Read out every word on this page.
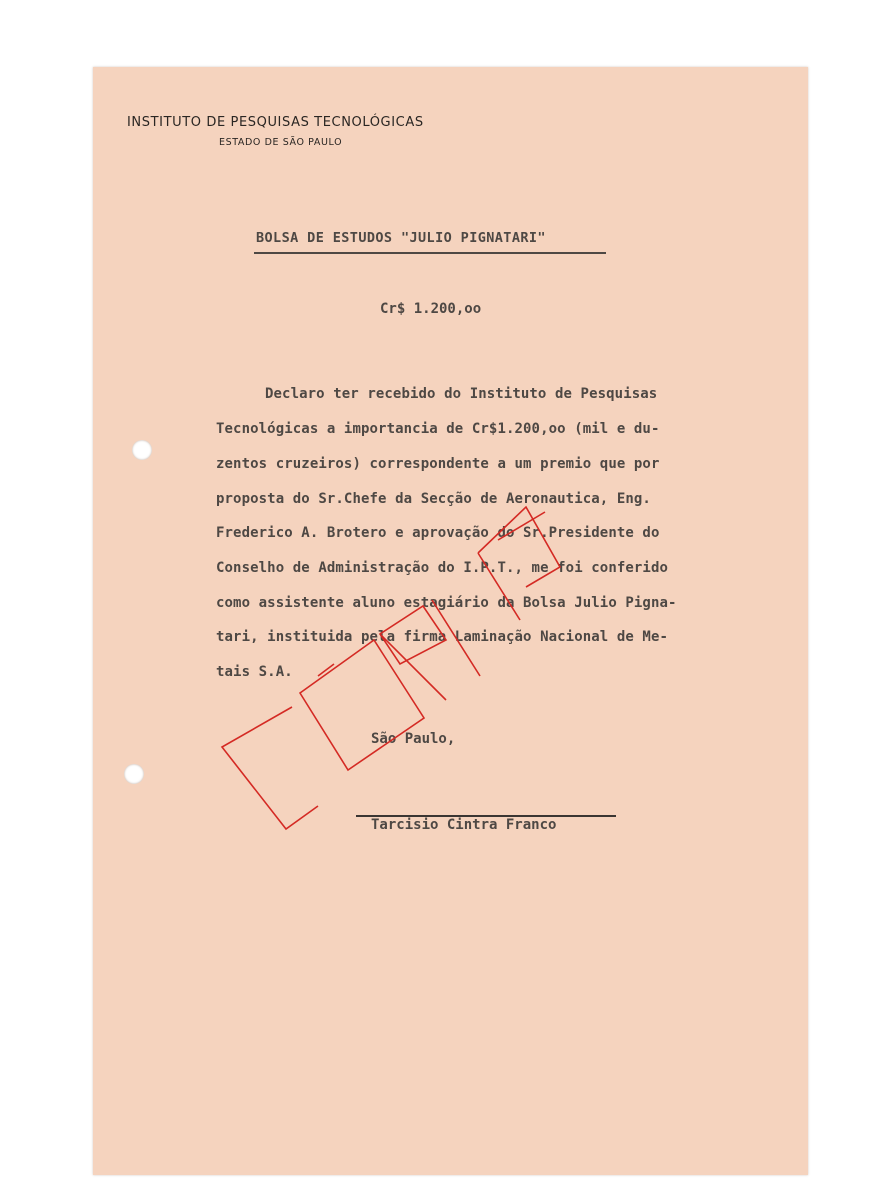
INSTITUTO DE PESQUISAS TECNOLÓGICAS
ESTADO DE SÃO PAULO
BOLSA DE ESTUDOS "JULIO PIGNATARI"
Cr$ 1.200,oo
Declaro ter recebido do Instituto de Pesquisas
Tecnológicas a importancia de Cr$1.200,oo (mil e du-
zentos cruzeiros) correspondente a um premio que por
proposta do Sr.Chefe da Secção de Aeronautica, Eng.
Frederico A. Brotero e aprovação do Sr.Presidente do
Conselho de Administração do I.P.T., me foi conferido
como assistente aluno estagiário da Bolsa Julio Pigna-
tari, instituida pela firma Laminação Nacional de Me-
tais S.A.
São Paulo,
Tarcisio Cintra Franco
